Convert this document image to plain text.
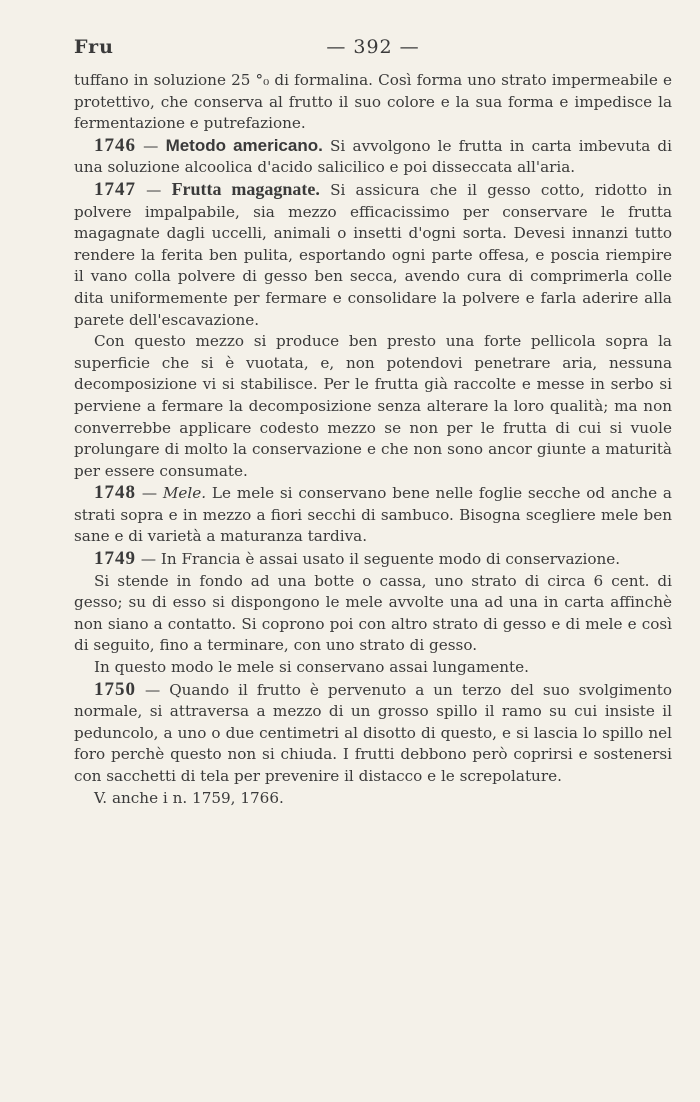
Fru	— 392 —

tuffano in soluzione 25 °₀ di formalina. Così forma uno strato impermeabile e protettivo, che conserva al frutto il suo colore e la sua forma e impedisce la fermentazione e putrefazione.

1746 — Metodo americano. Si avvolgono le frutta in carta imbevuta di una soluzione alcoolica d'acido salicilico e poi disseccata all'aria.

1747 — Frutta magagnate. Si assicura che il gesso cotto, ridotto in polvere impalpabile, sia mezzo efficacissimo per conservare le frutta magagnate dagli uccelli, animali o insetti d'ogni sorta. Devesi innanzi tutto rendere la ferita ben pulita, esportando ogni parte offesa, e poscia riempire il vano colla polvere di gesso ben secca, avendo cura di comprimerla colle dita uniformemente per fermare e consolidare la polvere e farla aderire alla parete dell'escavazione.

Con questo mezzo si produce ben presto una forte pellicola sopra la superficie che si è vuotata, e, non potendovi penetrare aria, nessuna decomposizione vi si stabilisce. Per le frutta già raccolte e messe in serbo si perviene a fermare la decomposizione senza alterare la loro qualità; ma non converrebbe applicare codesto mezzo se non per le frutta di cui si vuole prolungare di molto la conservazione e che non sono ancor giunte a maturità per essere consumate.

1748 — Mele. Le mele si conservano bene nelle foglie secche od anche a strati sopra e in mezzo a fiori secchi di sambuco. Bisogna scegliere mele ben sane e di varietà a maturanza tardiva.

1749 — In Francia è assai usato il seguente modo di conservazione.

Si stende in fondo ad una botte o cassa, uno strato di circa 6 cent. di gesso; su di esso si dispongono le mele avvolte una ad una in carta affinchè non siano a contatto. Si coprono poi con altro strato di gesso e di mele e così di seguito, fino a terminare, con uno strato di gesso.

In questo modo le mele si conservano assai lungamente.

1750 — Quando il frutto è pervenuto a un terzo del suo svolgimento normale, si attraversa a mezzo di un grosso spillo il ramo su cui insiste il peduncolo, a uno o due centimetri al disotto di questo, e si lascia lo spillo nel foro perchè questo non si chiuda. I frutti debbono però coprirsi e sostenersi con sacchetti di tela per prevenire il distacco e le screpolature.

V. anche i n. 1759, 1766.
